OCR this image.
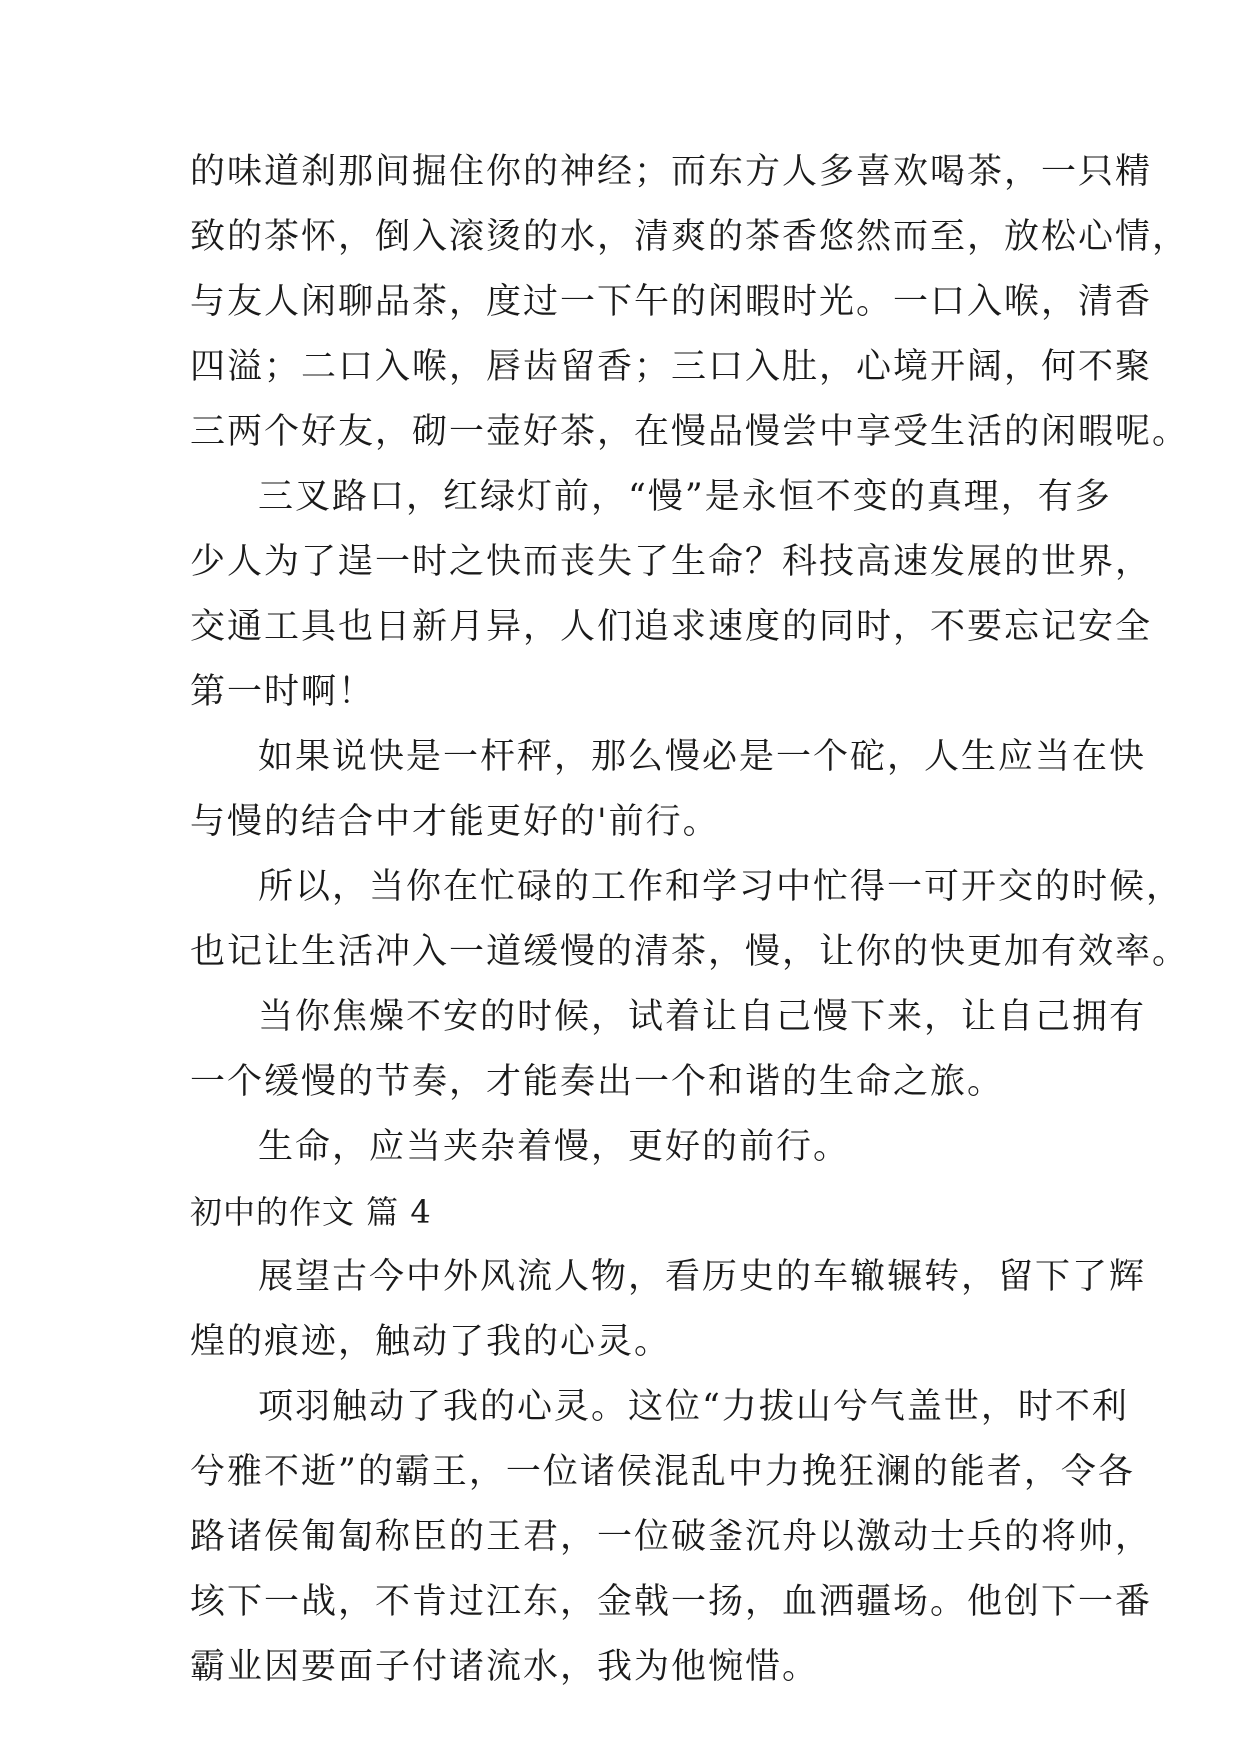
的味道刹那间掘住你的神经；而东方人多喜欢喝茶，一只精
致的茶怀，倒入滚烫的水，清爽的茶香悠然而至，放松心情，
与友人闲聊品茶，度过一下午的闲暇时光。一口入喉，清香
四溢；二口入喉，唇齿留香；三口入肚，心境开阔，何不聚
三两个好友，砌一壶好茶，在慢品慢尝中享受生活的闲暇呢。
三叉路口，红绿灯前，“慢”是永恒不变的真理，有多
少人为了逞一时之快而丧失了生命？科技高速发展的世界，
交通工具也日新月异，人们追求速度的同时，不要忘记安全
第一时啊！
如果说快是一杆秤，那么慢必是一个砣，人生应当在快
与慢的结合中才能更好的'前行。
所以，当你在忙碌的工作和学习中忙得一可开交的时候，
也记让生活冲入一道缓慢的清茶，慢，让你的快更加有效率。
当你焦燥不安的时候，试着让自己慢下来，让自己拥有
一个缓慢的节奏，才能奏出一个和谐的生命之旅。
生命，应当夹杂着慢，更好的前行。
初中的作文 篇 4
展望古今中外风流人物，看历史的车辙辗转，留下了辉
煌的痕迹，触动了我的心灵。
项羽触动了我的心灵。这位“力拔山兮气盖世，时不利
兮雅不逝”的霸王，一位诸侯混乱中力挽狂澜的能者，令各
路诸侯匍匐称臣的王君，一位破釜沉舟以激动士兵的将帅，
垓下一战，不肯过江东，金戟一扬，血洒疆场。他创下一番
霸业因要面子付诸流水，我为他惋惜。
